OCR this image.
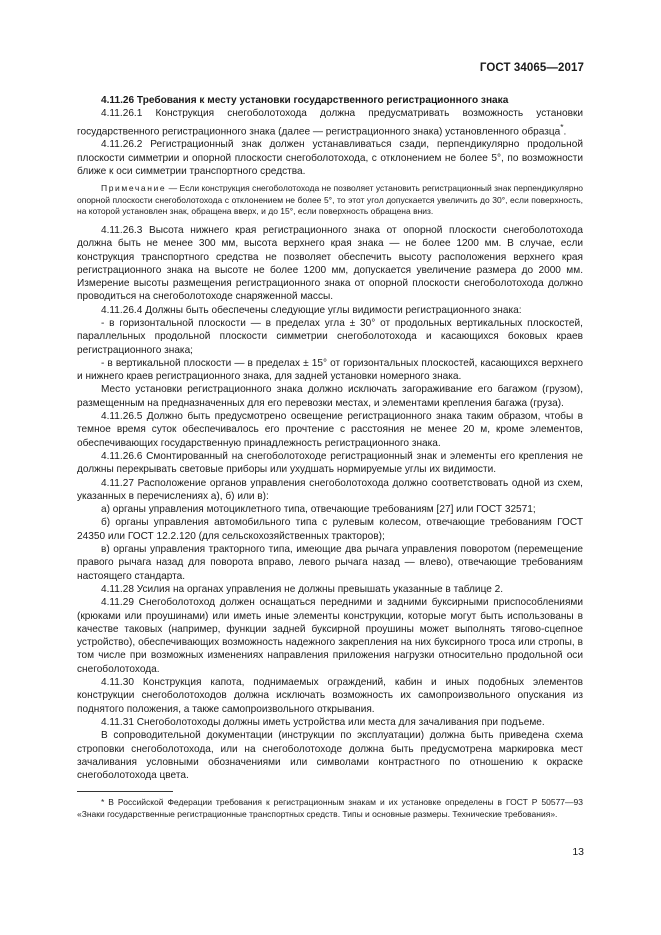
ГОСТ 34065—2017

4.11.26 Требования к месту установки государственного регистрационного знака

4.11.26.1 Конструкция снегоболотохода должна предусматривать возможность установки государственного регистрационного знака (далее — регистрационного знака) установленного образца*.

4.11.26.2 Регистрационный знак должен устанавливаться сзади, перпендикулярно продольной плоскости симметрии и опорной плоскости снегоболотохода, с отклонением не более 5°, по возможности ближе к оси симметрии транспортного средства.

Примечание — Если конструкция снегоболотохода не позволяет установить регистрационный знак перпендикулярно опорной плоскости снегоболотохода с отклонением не более 5°, то этот угол допускается увеличить до 30°, если поверхность, на которой установлен знак, обращена вверх, и до 15°, если поверхность обращена вниз.

4.11.26.3 Высота нижнего края регистрационного знака от опорной плоскости снегоболотохода должна быть не менее 300 мм, высота верхнего края знака — не более 1200 мм. В случае, если конструкция транспортного средства не позволяет обеспечить высоту расположения верхнего края регистрационного знака на высоте не более 1200 мм, допускается увеличение размера до 2000 мм. Измерение высоты размещения регистрационного знака от опорной плоскости снегоболотохода должно проводиться на снегоболотоходе снаряженной массы.

4.11.26.4 Должны быть обеспечены следующие углы видимости регистрационного знака:

- в горизонтальной плоскости — в пределах угла ± 30° от продольных вертикальных плоскостей, параллельных продольной плоскости симметрии снегоболотохода и касающихся боковых краев регистрационного знака;

- в вертикальной плоскости — в пределах ± 15° от горизонтальных плоскостей, касающихся верхнего и нижнего краев регистрационного знака, для задней установки номерного знака.

Место установки регистрационного знака должно исключать загораживание его багажом (грузом), размещенным на предназначенных для его перевозки местах, и элементами крепления багажа (груза).

4.11.26.5 Должно быть предусмотрено освещение регистрационного знака таким образом, чтобы в темное время суток обеспечивалось его прочтение с расстояния не менее 20 м, кроме элементов, обеспечивающих государственную принадлежность регистрационного знака.

4.11.26.6 Смонтированный на снегоболотоходе регистрационный знак и элементы его крепления не должны перекрывать световые приборы или ухудшать нормируемые углы их видимости.

4.11.27 Расположение органов управления снегоболотохода должно соответствовать одной из схем, указанных в перечислениях а), б) или в):

а) органы управления мотоциклетного типа, отвечающие требованиям [27] или ГОСТ 32571;

б) органы управления автомобильного типа с рулевым колесом, отвечающие требованиям ГОСТ 24350 или ГОСТ 12.2.120 (для сельскохозяйственных тракторов);

в) органы управления тракторного типа, имеющие два рычага управления поворотом (перемещение правого рычага назад для поворота вправо, левого рычага назад — влево), отвечающие требованиям настоящего стандарта.

4.11.28 Усилия на органах управления не должны превышать указанные в таблице 2.

4.11.29 Снегоболотоход должен оснащаться передними и задними буксирными приспособлениями (крюками или проушинами) или иметь иные элементы конструкции, которые могут быть использованы в качестве таковых (например, функции задней буксирной проушины может выполнять тягово-сцепное устройство), обеспечивающих возможность надежного закрепления на них буксирного троса или стропы, в том числе при возможных изменениях направления приложения нагрузки относительно продольной оси снегоболотохода.

4.11.30 Конструкция капота, поднимаемых ограждений, кабин и иных подобных элементов конструкции снегоболотоходов должна исключать возможность их самопроизвольного опускания из поднятого положения, а также самопроизвольного открывания.

4.11.31 Снегоболотоходы должны иметь устройства или места для зачаливания при подъеме.

В сопроводительной документации (инструкции по эксплуатации) должна быть приведена схема строповки снегоболотохода, или на снегоболотоходе должна быть предусмотрена маркировка мест зачаливания условными обозначениями или символами контрастного по отношению к окраске снегоболотохода цвета.

* В Российской Федерации требования к регистрационным знакам и их установке определены в ГОСТ Р 50577—93 «Знаки государственные регистрационные транспортных средств. Типы и основные размеры. Технические требования».

13
